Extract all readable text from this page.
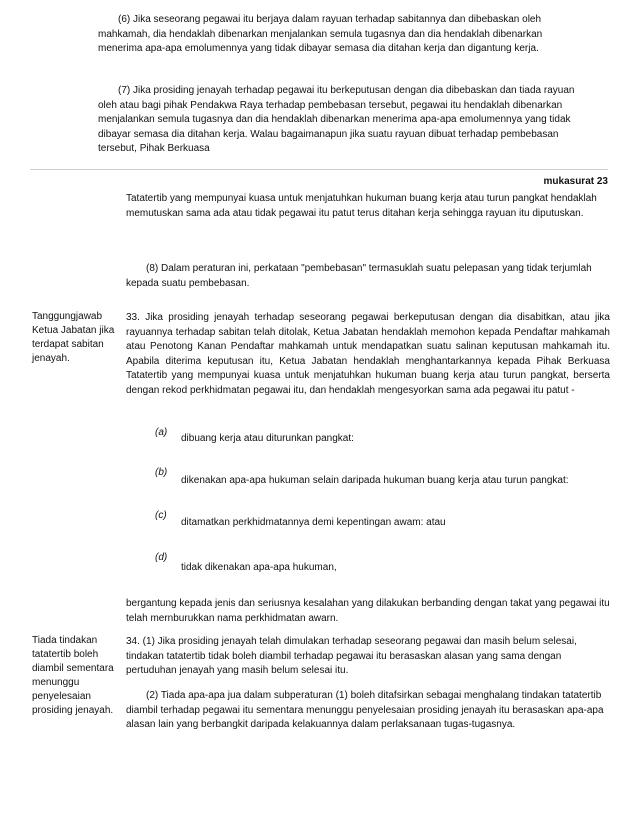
(6) Jika seseorang pegawai itu berjaya dalam rayuan terhadap sabitannya dan dibebaskan oleh mahkamah, dia hendaklah dibenarkan menjalankan semula tugasnya dan dia hendaklah dibenarkan menerima apa-apa emolumennya yang tidak dibayar semasa dia ditahan kerja dan digantung kerja.

(7) Jika prosiding jenayah terhadap pegawai itu berkeputusan dengan dia dibebaskan dan tiada rayuan oleh atau bagi pihak Pendakwa Raya terhadap pembebasan tersebut, pegawai itu hendaklah dibenarkan menjalankan semula tugasnya dan dia hendaklah dibenarkan menerima apa-apa emolumennya yang tidak dibayar semasa dia ditahan kerja. Walau bagaimanapun jika suatu rayuan dibuat terhadap pembebasan tersebut, Pihak Berkuasa

mukasurat 23

Tatatertib yang mempunyai kuasa untuk menjatuhkan hukuman buang kerja atau turun pangkat hendaklah memutuskan sama ada atau tidak pegawai itu patut terus ditahan kerja sehingga rayuan itu diputuskan.

(8) Dalam peraturan ini, perkataan "pembebasan" termasuklah suatu pelepasan yang tidak terjumlah kepada suatu pembebasan.

Tanggungjawab Ketua Jabatan jika terdapat sabitan jenayah.

33. Jika prosiding jenayah terhadap seseorang pegawai berkeputusan dengan dia disabitkan, atau jika rayuannya terhadap sabitan telah ditolak, Ketua Jabatan hendaklah memohon kepada Pendaftar mahkamah atau Penotong Kanan Pendaftar mahkamah untuk mendapatkan suatu salinan keputusan mahkamah itu. Apabila diterima keputusan itu, Ketua Jabatan hendaklah menghantarkannya kepada Pihak Berkuasa Tatatertib yang mempunyai kuasa untuk menjatuhkan hukuman buang kerja atau turun pangkat, berserta dengan rekod perkhidmatan pegawai itu, dan hendaklah mengesyorkan sama ada pegawai itu patut -

(a)
dibuang kerja atau diturunkan pangkat:
(b)
dikenakan apa-apa hukuman selain daripada hukuman buang kerja atau turun pangkat:
(c)
ditamatkan perkhidmatannya demi kepentingan awam: atau
(d)
tidak dikenakan apa-apa hukuman,

bergantung kepada jenis dan seriusnya kesalahan yang dilakukan berbanding dengan takat yang pegawai itu telah mernburukkan nama perkhidmatan awarn.

Tiada tindakan tatatertib boleh diambil sementara menunggu penyelesaian prosiding jenayah.

34. (1) Jika prosiding jenayah telah dimulakan terhadap seseorang pegawai dan masih belum selesai, tindakan tatatertib tidak boleh diambil terhadap pegawai itu berasaskan alasan yang sama dengan pertuduhan jenayah yang masih belum selesai itu.

(2) Tiada apa-apa jua dalam subperaturan (1) boleh ditafsirkan sebagai menghalang tindakan tatatertib diambil terhadap pegawai itu sementara menunggu penyelesaian prosiding jenayah itu berasaskan apa-apa alasan lain yang berbangkit daripada kelakuannya dalam perlaksanaan tugas-tugasnya.
